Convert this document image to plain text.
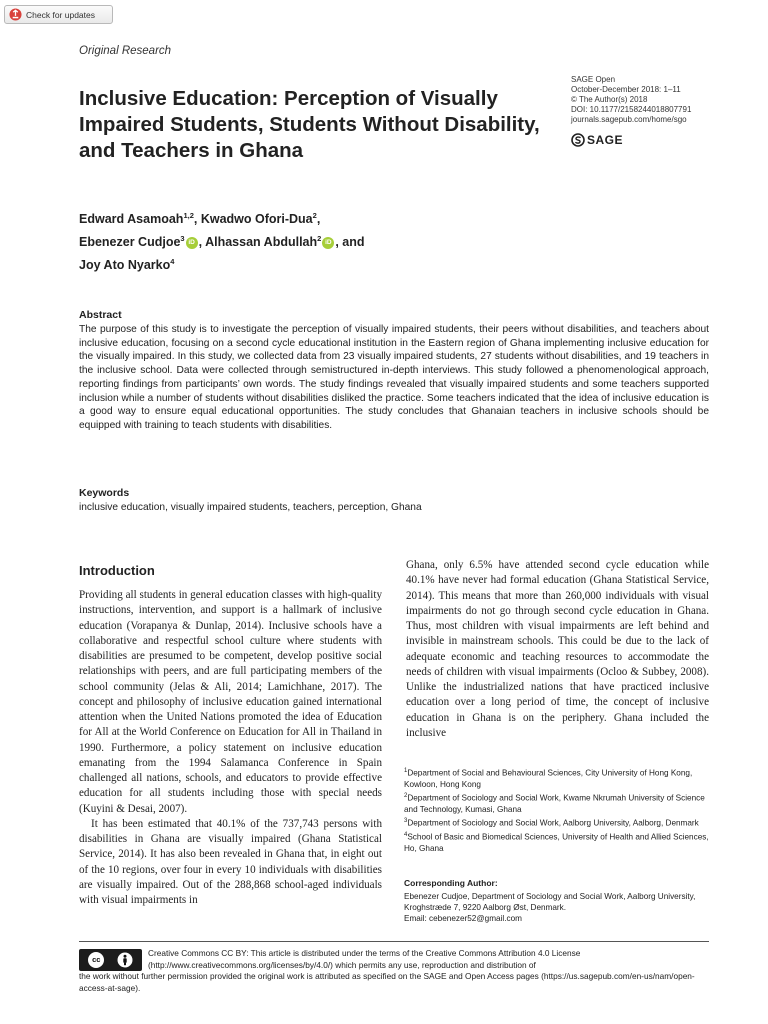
Check for updates
Original Research
SAGE Open
October-December 2018: 1–11
© The Author(s) 2018
DOI: 10.1177/2158244018807791
journals.sagepub.com/home/sgo
SAGE
Inclusive Education: Perception of Visually Impaired Students, Students Without Disability, and Teachers in Ghana
Edward Asamoah$^{1,2}$, Kwadwo Ofori-Dua$^2$,
Ebenezer Cudjoe$^3$ iD , Alhassan Abdullah$^2$ iD , and
Joy Ato Nyarko$^4$
Abstract
The purpose of this study is to investigate the perception of visually impaired students, their peers without disabilities, and teachers about inclusive education, focusing on a second cycle educational institution in the Eastern region of Ghana implementing inclusive education for the visually impaired. In this study, we collected data from 23 visually impaired students, 27 students without disabilities, and 19 teachers in the inclusive school. Data were collected through semistructured in-depth interviews. This study followed a phenomenological approach, reporting findings from participants’ own words. The study findings revealed that visually impaired students and some teachers supported inclusion while a number of students without disabilities disliked the practice. Some teachers indicated that the idea of inclusive education is a good way to ensure equal educational opportunities. The study concludes that Ghanaian teachers in inclusive schools should be equipped with training to teach students with disabilities.
Keywords
inclusive education, visually impaired students, teachers, perception, Ghana
Introduction

Providing all students in general education classes with high-quality instructions, intervention, and support is a hallmark of inclusive education (Vorapanya & Dunlap, 2014). Inclusive schools have a collaborative and respectful school culture where students with disabilities are presumed to be competent, develop positive social relationships with peers, and are full participating members of the school community (Jelas & Ali, 2014; Lamichhane, 2017). The concept and philosophy of inclusive education gained international attention when the United Nations promoted the idea of Education for All at the World Conference on Education for All in Thailand in 1990. Furthermore, a policy statement on inclusive education emanating from the 1994 Salamanca Conference in Spain challenged all nations, schools, and educators to provide effective education for all students including those with special needs (Kuyini & Desai, 2007).

It has been estimated that 40.1% of the 737,743 persons with disabilities in Ghana are visually impaired (Ghana Statistical Service, 2014). It has also been revealed in Ghana that, in eight out of the 10 regions, over four in every 10 individuals with disabilities are visually impaired. Out of the 288,868 school-aged individuals with visual impairments in

Ghana, only 6.5% have attended second cycle education while 40.1% have never had formal education (Ghana Statistical Service, 2014). This means that more than 260,000 individuals with visual impairments do not go through second cycle education in Ghana. Thus, most children with visual impairments are left behind and invisible in mainstream schools. This could be due to the lack of adequate economic and teaching resources to accommodate the needs of children with visual impairments (Ocloo & Subbey, 2008). Unlike the industrialized nations that have practiced inclusive education over a long period of time, the concept of inclusive education in Ghana is on the periphery. Ghana included the inclusive

$^1$Department of Social and Behavioural Sciences, City University of Hong Kong, Kowloon, Hong Kong
$^2$Department of Sociology and Social Work, Kwame Nkrumah University of Science and Technology, Kumasi, Ghana
$^3$Department of Sociology and Social Work, Aalborg University, Aalborg, Denmark
$^4$School of Basic and Biomedical Sciences, University of Health and Allied Sciences, Ho, Ghana
Corresponding Author:
Ebenezer Cudjoe, Department of Sociology and Social Work, Aalborg University, Kroghstræde 7, 9220 Aalborg Øst, Denmark.
Email: cebenezer52@gmail.com
cc
Creative Commons CC BY: This article is distributed under the terms of the Creative Commons Attribution 4.0 License (http://www.creativecommons.org/licenses/by/4.0/) which permits any use, reproduction and distribution of
the work without further permission provided the original work is attributed as specified on the SAGE and Open Access pages (https://us.sagepub.com/en-us/nam/open-access-at-sage).
